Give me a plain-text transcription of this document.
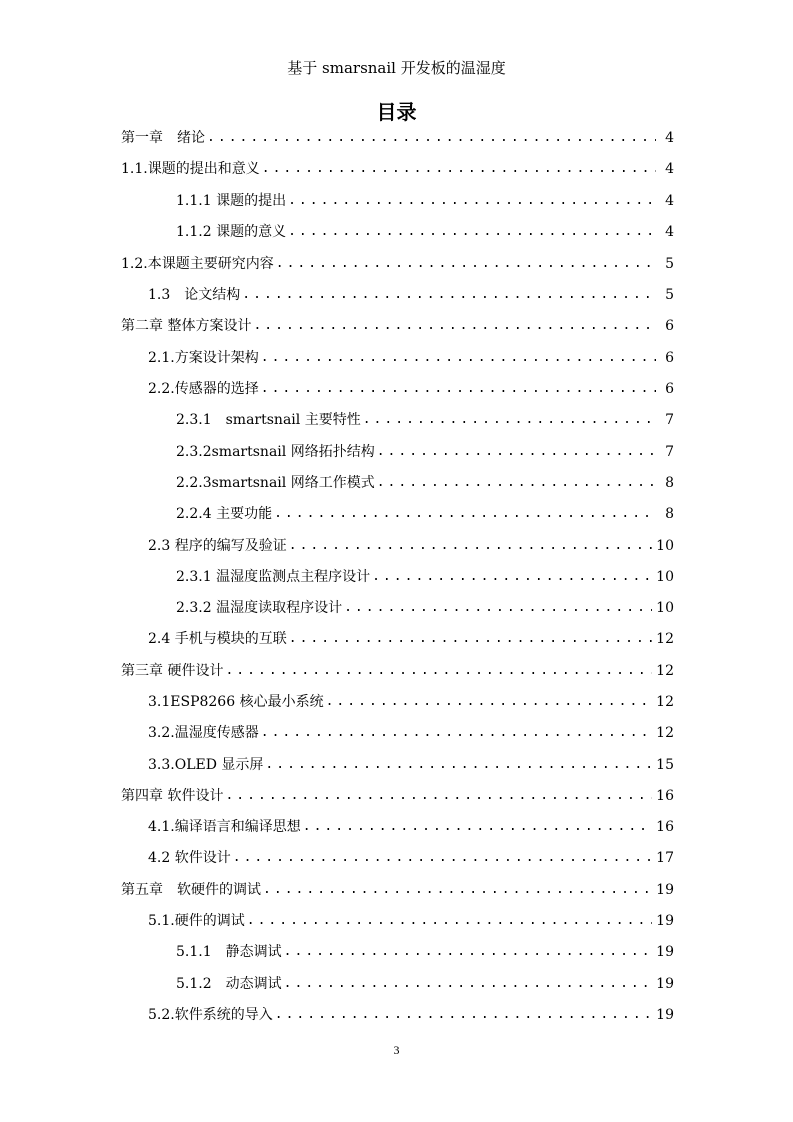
基于 smarsnail 开发板的温湿度
目录
第一章　绪论 . . .	4
1.1.课题的提出和意义 . . .	4
1.1.1 课题的提出 . . .	4
1.1.2 课题的意义 . . .	4
1.2.本课题主要研究内容 . . .	5
1.3　论文结构 . . .	5
第二章 整体方案设计 . . .	6
2.1.方案设计架构 . . .	6
2.2.传感器的选择 . . .	6
2.3.1　smartsnail 主要特性 . . .	7
2.3.2smartsnail 网络拓扑结构 . . .	7
2.2.3smartsnail 网络工作模式 . . .	8
2.2.4 主要功能 . . .	8
2.3 程序的编写及验证 . . .	10
2.3.1 温湿度监测点主程序设计 . . .	10
2.3.2 温湿度读取程序设计 . . .	10
2.4 手机与模块的互联 . . .	12
第三章 硬件设计 . . .	12
3.1ESP8266 核心最小系统 . . .	12
3.2.温湿度传感器 . . .	12
3.3.OLED 显示屏 . . .	15
第四章 软件设计 . . .	16
4.1.编译语言和编译思想 . . .	16
4.2 软件设计 . . .	17
第五章　软硬件的调试 . . .	19
5.1.硬件的调试 . . .	19
5.1.1　静态调试 . . .	19
5.1.2　动态调试 . . .	19
5.2.软件系统的导入 . . .	19
3
